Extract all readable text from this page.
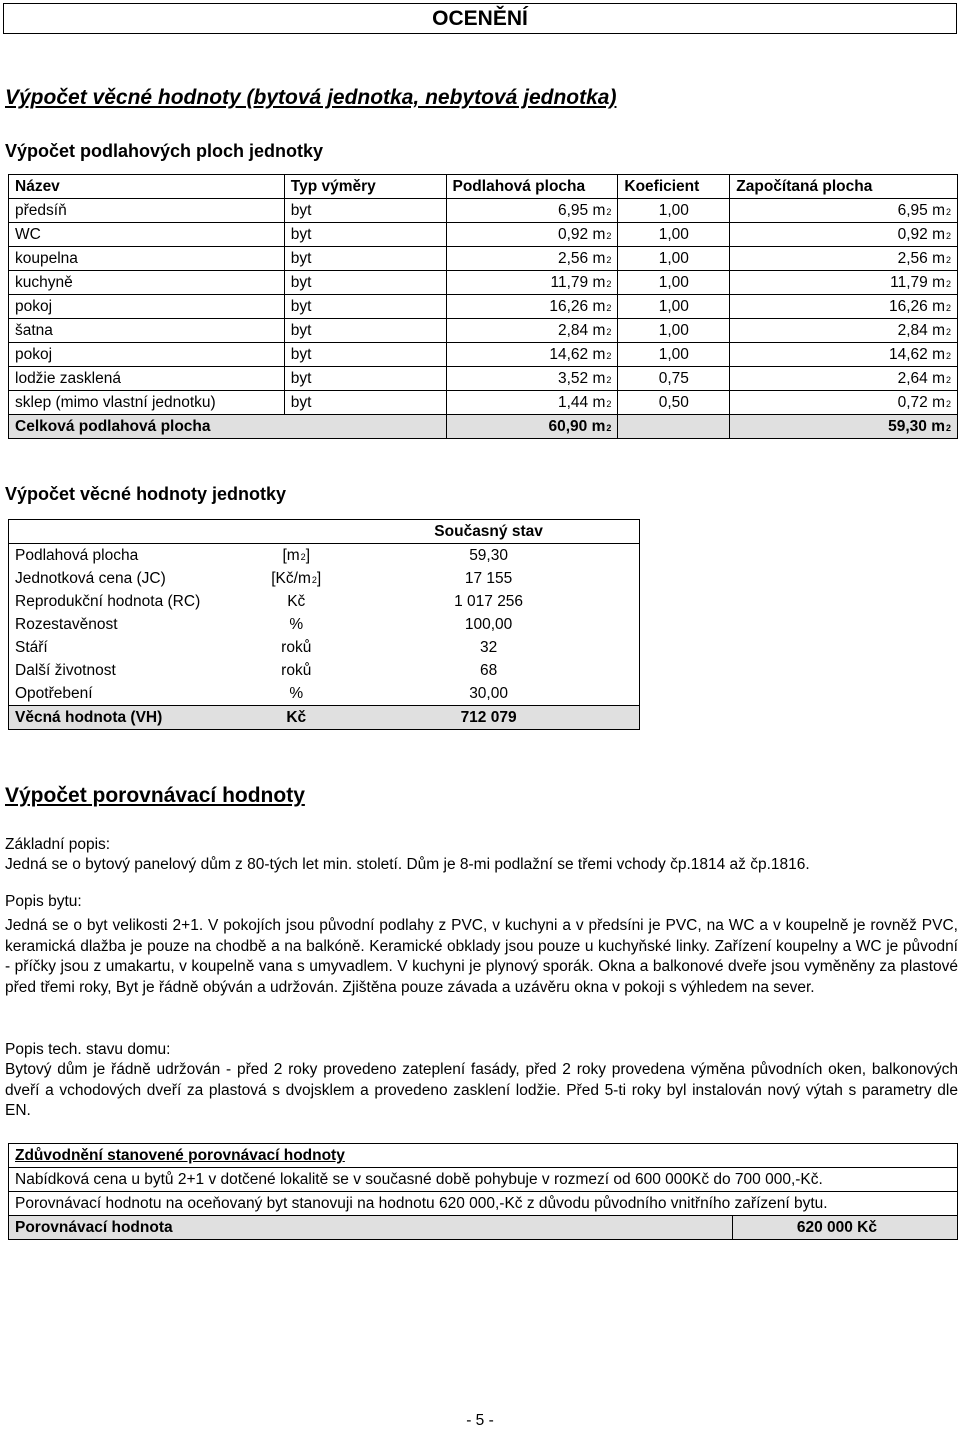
OCENĚNÍ
Výpočet věcné hodnoty (bytová jednotka, nebytová jednotka)
Výpočet podlahových ploch jednotky
Název	Typ výměry	Podlahová plocha	Koeficient	Započítaná plocha
předsíň	byt	6,95 $m^2$	1,00	6,95 $m^2$
WC	byt	0,92 $m^2$	1,00	0,92 $m^2$
koupelna	byt	2,56 $m^2$	1,00	2,56 $m^2$
kuchyně	byt	11,79 $m^2$	1,00	11,79 $m^2$
pokoj	byt	16,26 $m^2$	1,00	16,26 $m^2$
šatna	byt	2,84 $m^2$	1,00	2,84 $m^2$
pokoj	byt	14,62 $m^2$	1,00	14,62 $m^2$
lodžie zasklená	byt	3,52 $m^2$	0,75	2,64 $m^2$
sklep (mimo vlastní jednotku)	byt	1,44 $m^2$	0,50	0,72 $m^2$
Celková podlahová plocha		60,90 $m^2$		59,30 $m^2$
Výpočet věcné hodnoty jednotky
		Současný stav
Podlahová plocha	$[m^2]$	59,30
Jednotková cena (JC)	$[Kč/m^2]$	17 155
Reprodukční hodnota (RC)	Kč	1 017 256
Rozestavěnost	%	100,00
Stáří	roků	32
Další životnost	roků	68
Opotřebení	%	30,00
Věcná hodnota (VH)	Kč	712 079
Výpočet porovnávací hodnoty
Základní popis:
Jedná se o bytový panelový dům z 80-tých let min. století. Dům je 8-mi podlažní se třemi vchody čp.1814 až čp.1816.
Popis bytu:
Jedná se o byt velikosti 2+1. V pokojích jsou původní podlahy z PVC, v kuchyni a v předsíni je PVC, na WC a v koupelně je rovněž PVC, keramická dlažba je pouze na chodbě a na balkóně. Keramické obklady jsou pouze u kuchyňské linky. Zařízení koupelny a WC je původní - příčky jsou z umakartu, v koupelně vana s umyvadlem. V kuchyni je plynový sporák. Okna a balkonové dveře jsou vyměněny za plastové před třemi roky, Byt je řádně obýván a udržován. Zjištěna pouze závada a uzávěru okna v pokoji s výhledem na sever.
Popis tech. stavu domu:
Bytový dům je řádně udržován - před 2 roky provedeno zateplení fasády, před 2 roky provedena výměna původních oken, balkonových dveří a vchodových dveří za plastová s dvojsklem a provedeno zasklení lodžie. Před 5-ti roky byl instalován nový výtah s parametry dle EN.
Zdůvodnění stanovené porovnávací hodnoty
Nabídková cena u bytů 2+1 v dotčené lokalitě se v současné době pohybuje v rozmezí od 600 000Kč do 700 000,-Kč.
Porovnávací hodnotu na oceňovaný byt stanovuji na hodnotu 620 000,-Kč z důvodu původního vnitřního zařízení bytu.
Porovnávací hodnota	620 000 Kč
- 5 -
